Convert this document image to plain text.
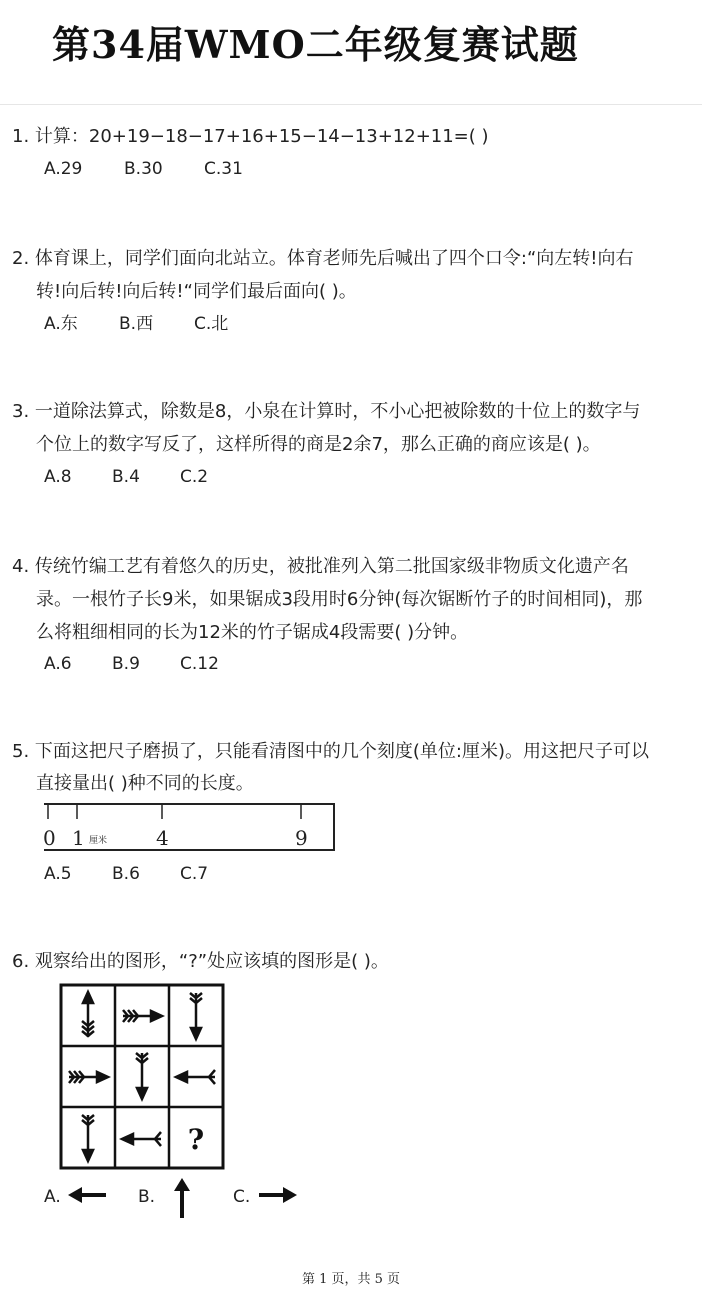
第34届WMO二年级复赛试题
1. 计算：20+19−18−17+16+15−14−13+12+11=( )
A.29 B.30 C.31
2. 体育课上，同学们面向北站立。体育老师先后喊出了四个口令:“向左转!向右
转!向后转!向后转!“同学们最后面向( )。
A.东 B.西 C.北
3. 一道除法算式，除数是8，小泉在计算时，不小心把被除数的十位上的数字与
个位上的数字写反了，这样所得的商是2余7，那么正确的商应该是( )。
A.8 B.4 C.2
4. 传统竹编工艺有着悠久的历史，被批准列入第二批国家级非物质文化遗产名
录。一根竹子长9米，如果锯成3段用时6分钟(每次锯断竹子的时间相同)，那
么将粗细相同的长为12米的竹子锯成4段需要( )分钟。
A.6 B.9 C.12
5. 下面这把尺子磨损了，只能看清图中的几个刻度(单位:厘米)。用这把尺子可以
直接量出( )种不同的长度。
0 1 厘米 4	9
A.5 B.6 C.7
6. 观察给出的图形，“?”处应该填的图形是( )。
?
A.	B.	C.
第 1 页，共 5 页
